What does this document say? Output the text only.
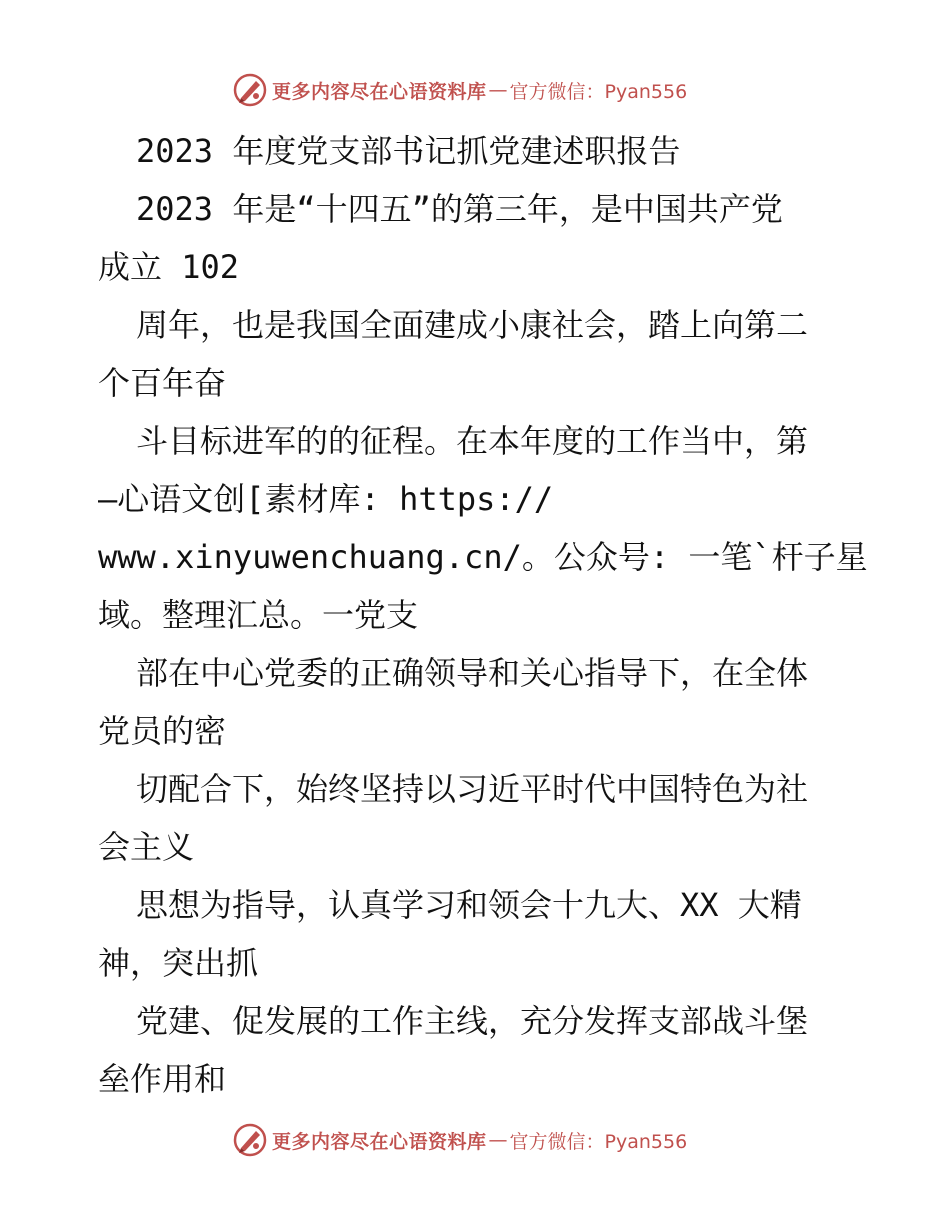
更多内容尽在心语资料库 — 官方微信：Pyan556
2023 年度党支部书记抓党建述职报告
2023 年是“十四五”的第三年，是中国共产党
成立 102
周年，也是我国全面建成小康社会，踏上向第二
个百年奋
斗目标进军的的征程。在本年度的工作当中，第
—心语文创[素材库: https://
www.xinyuwenchuang.cn/。公众号: 一笔`杆子星
域。整理汇总。一党支
部在中心党委的正确领导和关心指导下，在全体
党员的密
切配合下，始终坚持以习近平时代中国特色为社
会主义
思想为指导，认真学习和领会十九大、XX 大精
神，突出抓
党建、促发展的工作主线，充分发挥支部战斗堡
垒作用和
更多内容尽在心语资料库 — 官方微信：Pyan556
